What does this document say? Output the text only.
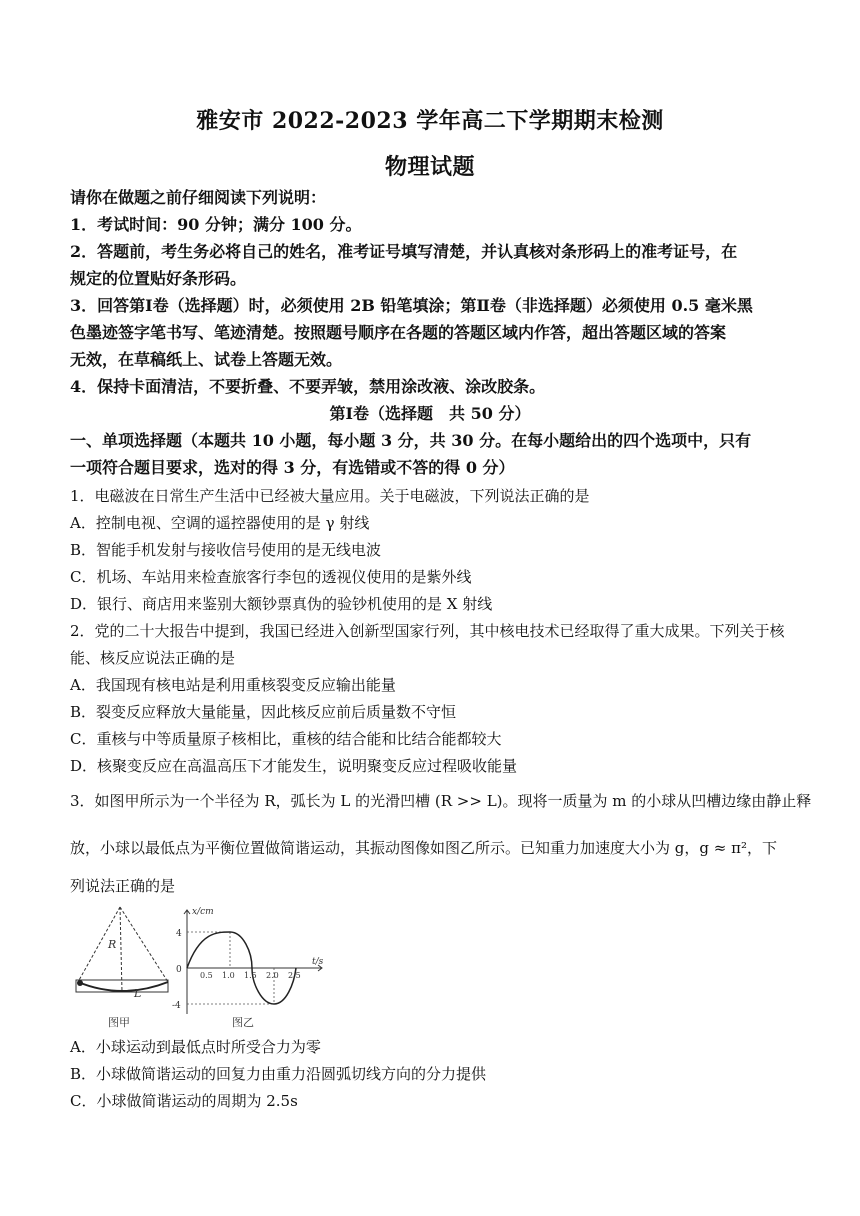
雅安市 2022-2023 学年高二下学期期末检测
物理试题
请你在做题之前仔细阅读下列说明：
1．考试时间：90 分钟；满分 100 分。
2．答题前，考生务必将自己的姓名，准考证号填写清楚，并认真核对条形码上的准考证号，在
规定的位置贴好条形码。
3．回答第Ⅰ卷（选择题）时，必须使用 2B 铅笔填涂；第Ⅱ卷（非选择题）必须使用 0.5 毫米黑
色墨迹签字笔书写、笔迹清楚。按照题号顺序在各题的答题区域内作答，超出答题区域的答案
无效，在草稿纸上、试卷上答题无效。
4．保持卡面清洁，不要折叠、不要弄皱，禁用涂改液、涂改胶条。
第Ⅰ卷（选择题　共 50 分）
一、单项选择题（本题共 10 小题，每小题 3 分，共 30 分。在每小题给出的四个选项中，只有
一项符合题目要求，选对的得 3 分，有选错或不答的得 0 分）
1．电磁波在日常生产生活中已经被大量应用。关于电磁波，下列说法正确的是
A．控制电视、空调的遥控器使用的是 γ 射线
B．智能手机发射与接收信号使用的是无线电波
C．机场、车站用来检查旅客行李包的透视仪使用的是紫外线
D．银行、商店用来鉴别大额钞票真伪的验钞机使用的是 X 射线
2．党的二十大报告中提到，我国已经进入创新型国家行列，其中核电技术已经取得了重大成果。下列关于核
能、核反应说法正确的是
A．我国现有核电站是利用重核裂变反应输出能量
B．裂变反应释放大量能量，因此核反应前后质量数不守恒
C．重核与中等质量原子核相比，重核的结合能和比结合能都较大
D．核聚变反应在高温高压下才能发生，说明聚变反应过程吸收能量
3．如图甲所示为一个半径为 R，弧长为 L 的光滑凹槽 (R >> L)。现将一质量为 m 的小球从凹槽边缘由静止释
放，小球以最低点为平衡位置做简谐运动，其振动图像如图乙所示。已知重力加速度大小为 g，g ≈ π²，下
列说法正确的是
R
L
x/cm
t/s
4
0
-4
0.5 1.0 1.5 2.0 2.5
图甲	图乙
A．小球运动到最低点时所受合力为零
B．小球做简谐运动的回复力由重力沿圆弧切线方向的分力提供
C．小球做简谐运动的周期为 2.5s
